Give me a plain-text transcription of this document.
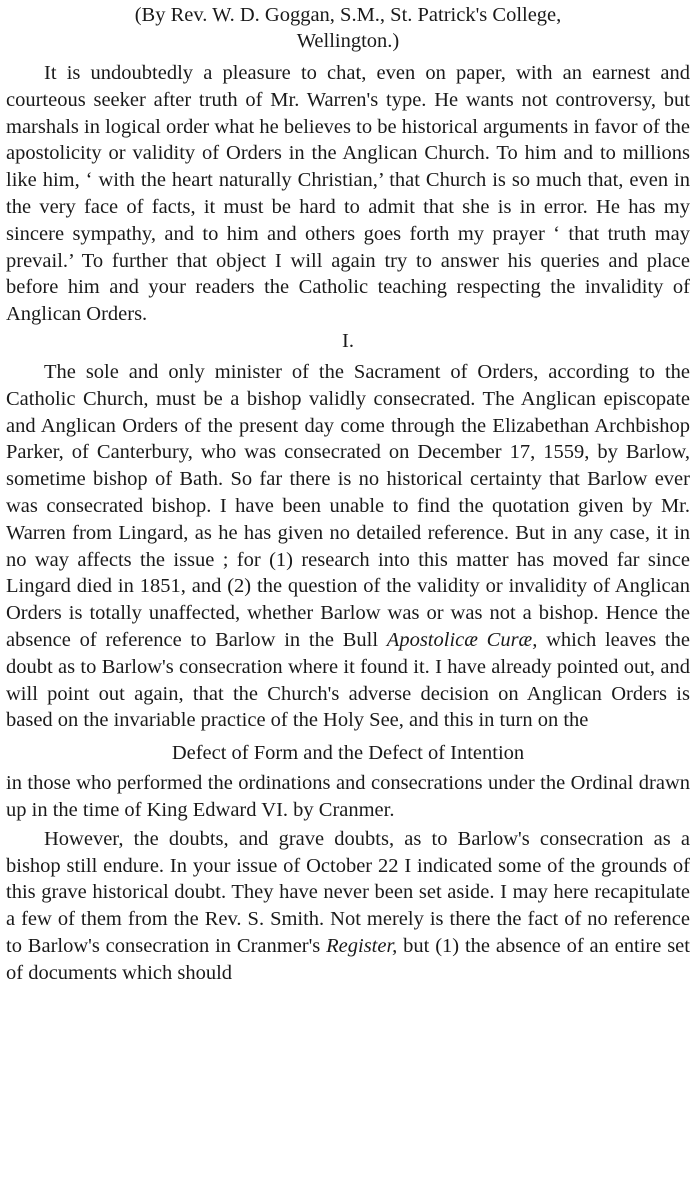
(By Rev. W. D. Goggan, S.M., St. Patrick's College,
Wellington.)

It is undoubtedly a pleasure to chat, even on paper, with an earnest and courteous seeker after truth of Mr. Warren's type. He wants not controversy, but marshals in logical order what he believes to be historical arguments in favor of the apostolicity or validity of Orders in the Anglican Church. To him and to millions like him, ‘ with the heart naturally Christian,’ that Church is so much that, even in the very face of facts, it must be hard to admit that she is in error. He has my sincere sympathy, and to him and others goes forth my prayer ‘ that truth may prevail.’ To further that object I will again try to answer his queries and place before him and your readers the Catholic teaching respecting the invalidity of Anglican Orders.

I.

The sole and only minister of the Sacrament of Orders, according to the Catholic Church, must be a bishop validly consecrated. The Anglican episcopate and Anglican Orders of the present day come through the Elizabethan Archbishop Parker, of Canterbury, who was consecrated on December 17, 1559, by Barlow, sometime bishop of Bath. So far there is no historical certainty that Barlow ever was consecrated bishop. I have been unable to find the quotation given by Mr. Warren from Lingard, as he has given no detailed reference. But in any case, it in no way affects the issue ; for (1) research into this matter has moved far since Lingard died in 1851, and (2) the question of the validity or invalidity of Anglican Orders is totally unaffected, whether Barlow was or was not a bishop. Hence the absence of reference to Barlow in the Bull Apostolicæ Curæ, which leaves the doubt as to Barlow's consecration where it found it. I have already pointed out, and will point out again, that the Church's adverse decision on Anglican Orders is based on the invariable practice of the Holy See, and this in turn on the

Defect of Form and the Defect of Intention

in those who performed the ordinations and consecrations under the Ordinal drawn up in the time of King Edward VI. by Cranmer.

However, the doubts, and grave doubts, as to Barlow's consecration as a bishop still endure. In your issue of October 22 I indicated some of the grounds of this grave historical doubt. They have never been set aside. I may here recapitulate a few of them from the Rev. S. Smith. Not merely is there the fact of no reference to Barlow's consecration in Cranmer's Register, but (1) the absence of an entire set of documents which should
